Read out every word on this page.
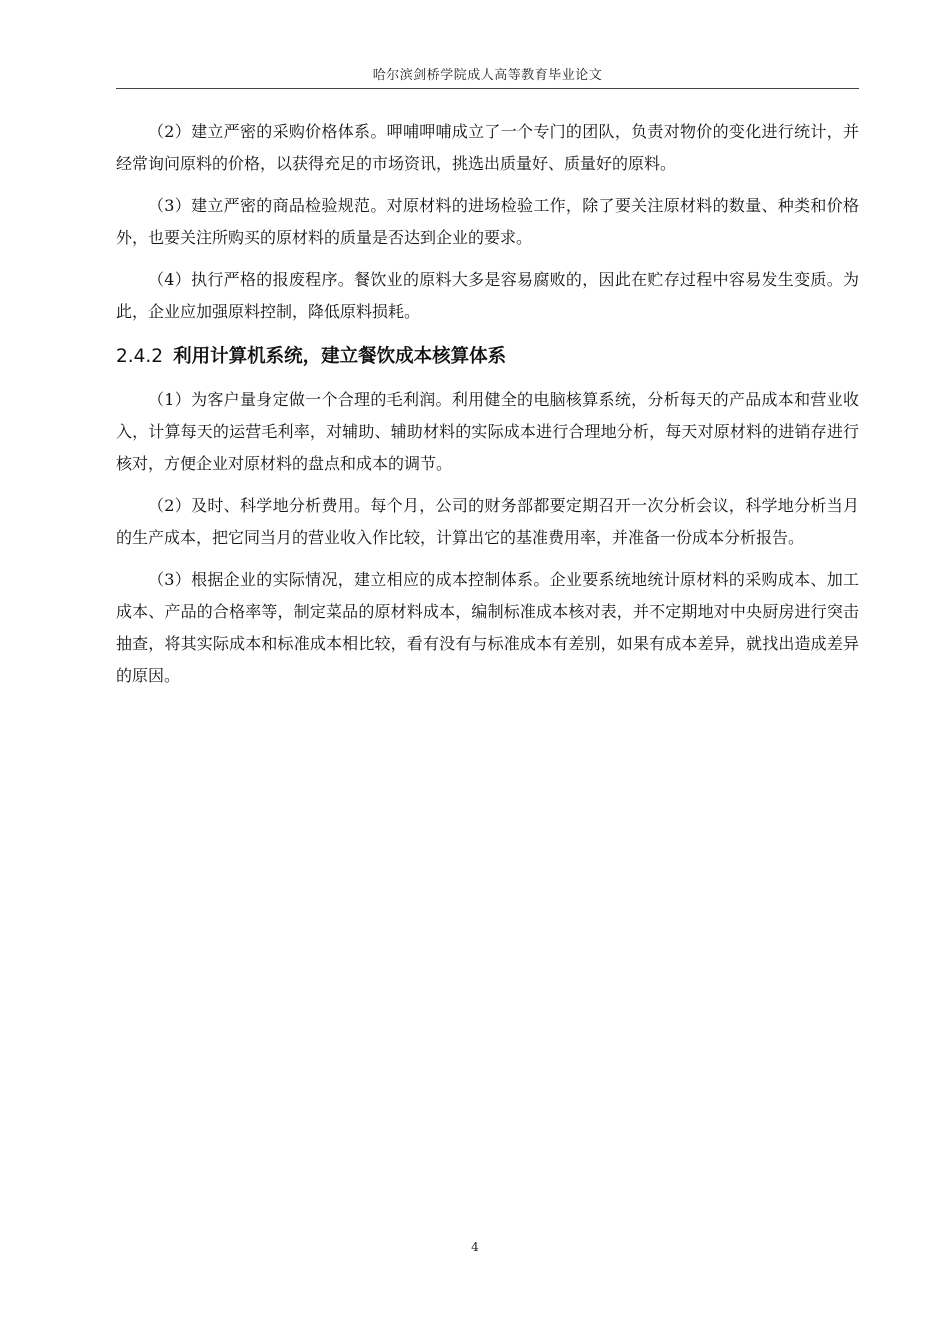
哈尔滨剑桥学院成人高等教育毕业论文

（2）建立严密的采购价格体系。呷哺呷哺成立了一个专门的团队，负责对物价的变化进行统计，并经常询问原料的价格，以获得充足的市场资讯，挑选出质量好、质量好的原料。

（3）建立严密的商品检验规范。对原材料的进场检验工作，除了要关注原材料的数量、种类和价格外，也要关注所购买的原材料的质量是否达到企业的要求。

（4）执行严格的报废程序。餐饮业的原料大多是容易腐败的，因此在贮存过程中容易发生变质。为此，企业应加强原料控制，降低原料损耗。

2.4.2 利用计算机系统，建立餐饮成本核算体系

（1）为客户量身定做一个合理的毛利润。利用健全的电脑核算系统，分析每天的产品成本和营业收入，计算每天的运营毛利率，对辅助、辅助材料的实际成本进行合理地分析，每天对原材料的进销存进行核对，方便企业对原材料的盘点和成本的调节。

（2）及时、科学地分析费用。每个月，公司的财务部都要定期召开一次分析会议，科学地分析当月的生产成本，把它同当月的营业收入作比较，计算出它的基准费用率，并准备一份成本分析报告。

（3）根据企业的实际情况，建立相应的成本控制体系。企业要系统地统计原材料的采购成本、加工成本、产品的合格率等，制定菜品的原材料成本，编制标准成本核对表，并不定期地对中央厨房进行突击抽查，将其实际成本和标准成本相比较，看有没有与标准成本有差别，如果有成本差异，就找出造成差异的原因。

4
